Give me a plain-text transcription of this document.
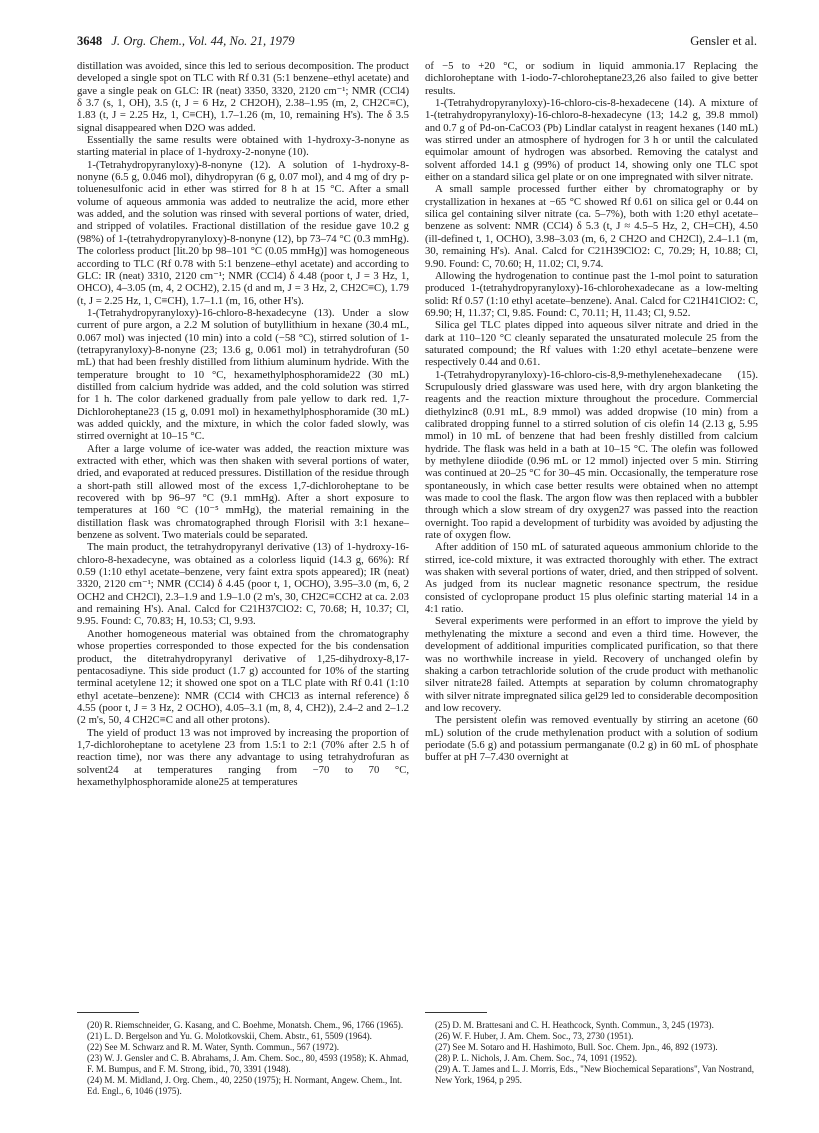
3648 J. Org. Chem., Vol. 44, No. 21, 1979	Gensler et al.

distillation was avoided, since this led to serious decomposition. The product developed a single spot on TLC with Rf 0.31 (5:1 benzene–ethyl acetate) and gave a single peak on GLC: IR (neat) 3350, 3320, 2120 cm⁻¹; NMR (CCl4) δ 3.7 (s, 1, OH), 3.5 (t, J = 6 Hz, 2 CH2OH), 2.38–1.95 (m, 2, CH2C≡C), 1.83 (t, J = 2.25 Hz, 1, C≡CH), 1.7–1.26 (m, 10, remaining H's). The δ 3.5 signal disappeared when D2O was added.

Essentially the same results were obtained with 1-hydroxy-3-nonyne as starting material in place of 1-hydroxy-2-nonyne (10).

1-(Tetrahydropyranyloxy)-8-nonyne (12). A solution of 1-hydroxy-8-nonyne (6.5 g, 0.046 mol), dihydropyran (6 g, 0.07 mol), and 4 mg of dry p-toluenesulfonic acid in ether was stirred for 8 h at 15 °C. After a small volume of aqueous ammonia was added to neutralize the acid, more ether was added, and the solution was rinsed with several portions of water, dried, and stripped of volatiles. Fractional distillation of the residue gave 10.2 g (98%) of 1-(tetrahydropyranyloxy)-8-nonyne (12), bp 73–74 °C (0.3 mmHg). The colorless product [lit.20 bp 98–101 °C (0.05 mmHg)] was homogeneous according to TLC (Rf 0.78 with 5:1 benzene–ethyl acetate) and according to GLC: IR (neat) 3310, 2120 cm⁻¹; NMR (CCl4) δ 4.48 (poor t, J = 3 Hz, 1, OHCO), 4–3.05 (m, 4, 2 OCH2), 2.15 (d and m, J = 3 Hz, 2, CH2C≡C), 1.79 (t, J = 2.25 Hz, 1, C≡CH), 1.7–1.1 (m, 16, other H's).

1-(Tetrahydropyranyloxy)-16-chloro-8-hexadecyne (13). Under a slow current of pure argon, a 2.2 M solution of butyllithium in hexane (30.4 mL, 0.067 mol) was injected (10 min) into a cold (−58 °C), stirred solution of 1-(tetrapyranyloxy)-8-nonyne (23; 13.6 g, 0.061 mol) in tetrahydrofuran (50 mL) that had been freshly distilled from lithium aluminum hydride. With the temperature brought to 10 °C, hexamethylphosphoramide22 (30 mL) distilled from calcium hydride was added, and the cold solution was stirred for 1 h. The color darkened gradually from pale yellow to dark red. 1,7-Dichloroheptane23 (15 g, 0.091 mol) in hexamethylphosphoramide (30 mL) was added quickly, and the mixture, in which the color faded slowly, was stirred overnight at 10–15 °C.

After a large volume of ice-water was added, the reaction mixture was extracted with ether, which was then shaken with several portions of water, dried, and evaporated at reduced pressures. Distillation of the residue through a short-path still allowed most of the excess 1,7-dichloroheptane to be recovered with bp 96–97 °C (9.1 mmHg). After a short exposure to temperatures at 160 °C (10⁻⁵ mmHg), the material remaining in the distillation flask was chromatographed through Florisil with 3:1 hexane–benzene as solvent. Two materials could be separated.

The main product, the tetrahydropyranyl derivative (13) of 1-hydroxy-16-chloro-8-hexadecyne, was obtained as a colorless liquid (14.3 g, 66%): Rf 0.59 (1:10 ethyl acetate–benzene, very faint extra spots appeared); IR (neat) 3320, 2120 cm⁻¹; NMR (CCl4) δ 4.45 (poor t, 1, OCHO), 3.95–3.0 (m, 6, 2 OCH2 and CH2Cl), 2.3–1.9 and 1.9–1.0 (2 m's, 30, CH2C≡CCH2 at ca. 2.03 and remaining H's). Anal. Calcd for C21H37ClO2: C, 70.68; H, 10.37; Cl, 9.95. Found: C, 70.83; H, 10.53; Cl, 9.93.

Another homogeneous material was obtained from the chromatography whose properties corresponded to those expected for the bis condensation product, the ditetrahydropyranyl derivative of 1,25-dihydroxy-8,17-pentacosadiyne. This side product (1.7 g) accounted for 10% of the starting terminal acetylene 12; it showed one spot on a TLC plate with Rf 0.41 (1:10 ethyl acetate–benzene): NMR (CCl4 with CHCl3 as internal reference) δ 4.55 (poor t, J = 3 Hz, 2 OCHO), 4.05–3.1 (m, 8, 4, CH2)), 2.4–2 and 2–1.2 (2 m's, 50, 4 CH2C≡C and all other protons).

The yield of product 13 was not improved by increasing the proportion of 1,7-dichloroheptane to acetylene 23 from 1.5:1 to 2:1 (70% after 2.5 h of reaction time), nor was there any advantage to using tetrahydrofuran as solvent24 at temperatures ranging from −70 to 70 °C, hexamethylphosphoramide alone25 at temperatures

of −5 to +20 °C, or sodium in liquid ammonia.17 Replacing the dichloroheptane with 1-iodo-7-chloroheptane23,26 also failed to give better results.

1-(Tetrahydropyranyloxy)-16-chloro-cis-8-hexadecene (14). A mixture of 1-(tetrahydropyranyloxy)-16-chloro-8-hexadecyne (13; 14.2 g, 39.8 mmol) and 0.7 g of Pd-on-CaCO3 (Pb) Lindlar catalyst in reagent hexanes (140 mL) was stirred under an atmosphere of hydrogen for 3 h or until the calculated equimolar amount of hydrogen was absorbed. Removing the catalyst and solvent afforded 14.1 g (99%) of product 14, showing only one TLC spot either on a standard silica gel plate or on one impregnated with silver nitrate.

A small sample processed further either by chromatography or by crystallization in hexanes at −65 °C showed Rf 0.61 on silica gel or 0.44 on silica gel containing silver nitrate (ca. 5–7%), both with 1:20 ethyl acetate–benzene as solvent: NMR (CCl4) δ 5.3 (t, J ≈ 4.5–5 Hz, 2, CH=CH), 4.50 (ill-defined t, 1, OCHO), 3.98–3.03 (m, 6, 2 CH2O and CH2Cl), 2.4–1.1 (m, 30, remaining H's). Anal. Calcd for C21H39ClO2: C, 70.29; H, 10.88; Cl, 9.90. Found: C, 70.60; H, 11.02; Cl, 9.74.

Allowing the hydrogenation to continue past the 1-mol point to saturation produced 1-(tetrahydropyranyloxy)-16-chlorohexadecane as a low-melting solid: Rf 0.57 (1:10 ethyl acetate–benzene). Anal. Calcd for C21H41ClO2: C, 69.90; H, 11.37; Cl, 9.85. Found: C, 70.11; H, 11.43; Cl, 9.52.

Silica gel TLC plates dipped into aqueous silver nitrate and dried in the dark at 110–120 °C cleanly separated the unsaturated molecule 25 from the saturated compound; the Rf values with 1:20 ethyl acetate–benzene were respectively 0.44 and 0.61.

1-(Tetrahydropyranyloxy)-16-chloro-cis-8,9-methylenehexadecane (15). Scrupulously dried glassware was used here, with dry argon blanketing the reagents and the reaction mixture throughout the procedure. Commercial diethylzinc8 (0.91 mL, 8.9 mmol) was added dropwise (10 min) from a calibrated dropping funnel to a stirred solution of cis olefin 14 (2.13 g, 5.95 mmol) in 10 mL of benzene that had been freshly distilled from calcium hydride. The flask was held in a bath at 10–15 °C. The olefin was followed by methylene diiodide (0.96 mL or 12 mmol) injected over 5 min. Stirring was continued at 20–25 °C for 30–45 min. Occasionally, the temperature rose spontaneously, in which case better results were obtained when no attempt was made to cool the flask. The argon flow was then replaced with a bubbler through which a slow stream of dry oxygen27 was passed into the reaction overnight. Too rapid a development of turbidity was avoided by adjusting the rate of oxygen flow.

After addition of 150 mL of saturated aqueous ammonium chloride to the stirred, ice-cold mixture, it was extracted thoroughly with ether. The extract was shaken with several portions of water, dried, and then stripped of solvent. As judged from its nuclear magnetic resonance spectrum, the residue consisted of cyclopropane product 15 plus olefinic starting material 14 in a 4:1 ratio.

Several experiments were performed in an effort to improve the yield by methylenating the mixture a second and even a third time. However, the development of additional impurities complicated purification, so that there was no worthwhile increase in yield. Recovery of unchanged olefin by shaking a carbon tetrachloride solution of the crude product with methanolic silver nitrate28 failed. Attempts at separation by column chromatography with silver nitrate impregnated silica gel29 led to considerable decomposition and low recovery.

The persistent olefin was removed eventually by stirring an acetone (60 mL) solution of the crude methylenation product with a solution of sodium periodate (5.6 g) and potassium permanganate (0.2 g) in 60 mL of phosphate buffer at pH 7–7.430 overnight at

(20) R. Riemschneider, G. Kasang, and C. Boehme, Monatsh. Chem., 96, 1766 (1965).
(21) L. D. Bergelson and Yu. G. Molotkovskii, Chem. Abstr., 61, 5509 (1964).
(22) See M. Schwarz and R. M. Water, Synth. Commun., 567 (1972).
(23) W. J. Gensler and C. B. Abrahams, J. Am. Chem. Soc., 80, 4593 (1958); K. Ahmad, F. M. Bumpus, and F. M. Strong, ibid., 70, 3391 (1948).
(24) M. M. Midland, J. Org. Chem., 40, 2250 (1975); H. Normant, Angew. Chem., Int. Ed. Engl., 6, 1046 (1975).
(25) D. M. Brattesani and C. H. Heathcock, Synth. Commun., 3, 245 (1973).
(26) W. F. Huber, J. Am. Chem. Soc., 73, 2730 (1951).
(27) See M. Sotaro and H. Hashimoto, Bull. Soc. Chem. Jpn., 46, 892 (1973).
(28) P. L. Nichols, J. Am. Chem. Soc., 74, 1091 (1952).
(29) A. T. James and L. J. Morris, Eds., "New Biochemical Separations", Van Nostrand, New York, 1964, p 295.
